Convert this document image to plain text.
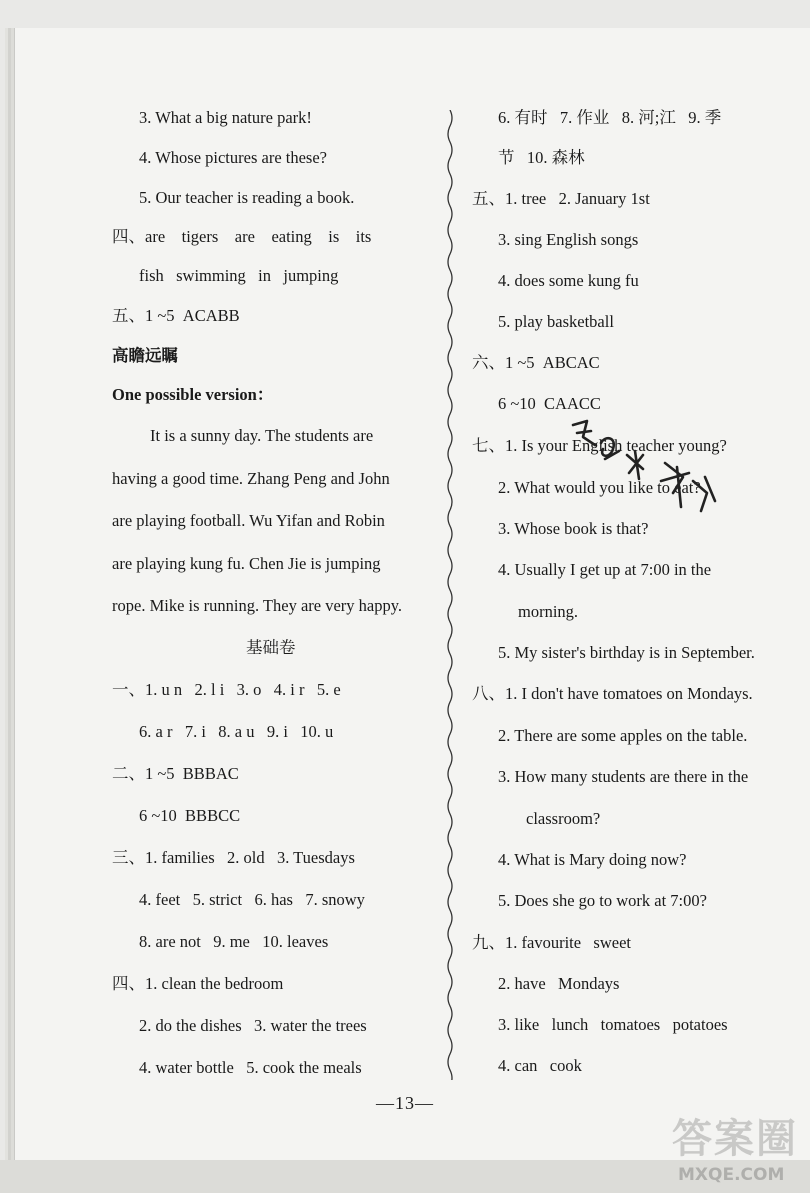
3. What a big nature park!
4. Whose pictures are these?
5. Our teacher is reading a book.
四、are    tigers    are    eating    is    its
fish   swimming   in   jumping
五、1 ~5  ACABB
高瞻远瞩
One possible version：
It is a sunny day. The students are
having a good time. Zhang Peng and John
are playing football. Wu Yifan and Robin
are playing kung fu. Chen Jie is jumping
rope. Mike is running. They are very happy.
基础卷
一、1. u n   2. l i   3. o   4. i r   5. e
6. a r   7. i   8. a u   9. i   10. u
二、1 ~5  BBBAC
6 ~10  BBBCC
三、1. families   2. old   3. Tuesdays
4. feet   5. strict   6. has   7. snowy
8. are not   9. me   10. leaves
四、1. clean the bedroom
2. do the dishes   3. water the trees
4. water bottle   5. cook the meals
6. 有时   7. 作业   8. 河;江   9. 季
节   10. 森林
五、1. tree   2. January 1st
3. sing English songs
4. does some kung fu
5. play basketball
六、1 ~5  ABCAC
6 ~10  CAACC
七、1. Is your English teacher young?
2. What would you like to eat?
3. Whose book is that?
4. Usually I get up at 7:00 in the
morning.
5. My sister's birthday is in September.
八、1. I don't have tomatoes on Mondays.
2. There are some apples on the table.
3. How many students are there in the
classroom?
4. What is Mary doing now?
5. Does she go to work at 7:00?
九、1. favourite   sweet
2. have   Mondays
3. like   lunch   tomatoes   potatoes
4. can   cook
—13—
答案圈
MXQE.COM
